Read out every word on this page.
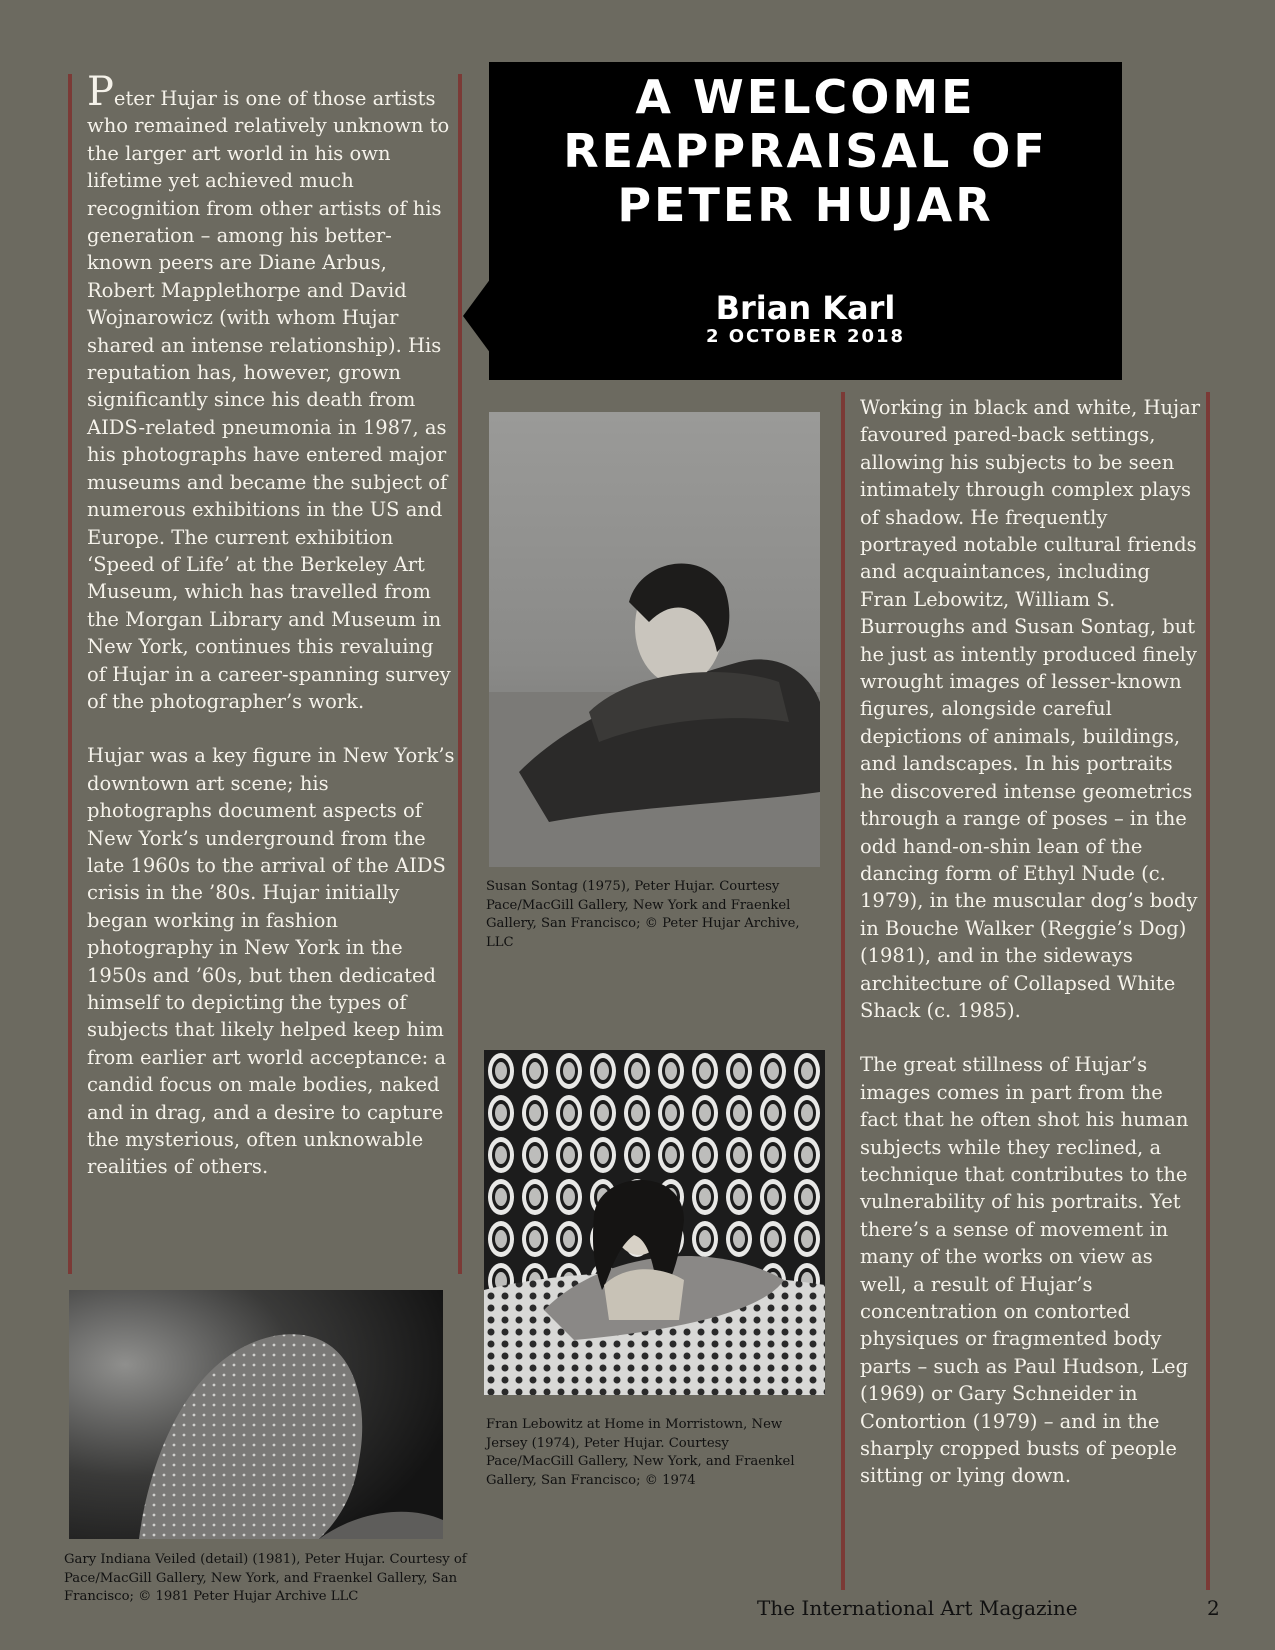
Peter Hujar is one of those artists who remained relatively unknown to the larger art world in his own lifetime yet achieved much recognition from other artists of his generation – among his better-known peers are Diane Arbus, Robert Mapplethorpe and David Wojnarowicz (with whom Hujar shared an intense relationship). His reputation has, however, grown significantly since his death from AIDS-related pneumonia in 1987, as his photographs have entered major museums and became the subject of numerous exhibitions in the US and Europe. The current exhibition ‘Speed of Life’ at the Berkeley Art Museum, which has travelled from the Morgan Library and Museum in New York, continues this revaluing of Hujar in a career-spanning survey of the photographer’s work.

Hujar was a key figure in New York’s downtown art scene; his photographs document aspects of New York’s underground from the late 1960s to the arrival of the AIDS crisis in the ’80s. Hujar initially began working in fashion photography in New York in the 1950s and ’60s, but then dedicated himself to depicting the types of subjects that likely helped keep him from earlier art world acceptance: a candid focus on male bodies, naked and in drag, and a desire to capture the mysterious, often unknowable realities of others.

A WELCOME REAPPRAISAL OF PETER HUJAR
Brian Karl
2 OCTOBER 2018
Susan Sontag (1975), Peter Hujar. Courtesy Pace/MacGill Gallery, New York and Fraenkel Gallery, San Francisco; © Peter Hujar Archive, LLC
Fran Lebowitz at Home in Morristown, New Jersey (1974), Peter Hujar. Courtesy Pace/MacGill Gallery, New York, and Fraenkel Gallery, San Francisco; © 1974
Gary Indiana Veiled (detail) (1981), Peter Hujar. Courtesy of Pace/MacGill Gallery, New York, and Fraenkel Gallery, San Francisco; © 1981 Peter Hujar Archive LLC

Working in black and white, Hujar favoured pared-back settings, allowing his subjects to be seen intimately through complex plays of shadow. He frequently portrayed notable cultural friends and acquaintances, including Fran Lebowitz, William S. Burroughs and Susan Sontag, but he just as intently produced finely wrought images of lesser-known figures, alongside careful depictions of animals, buildings, and landscapes. In his portraits he discovered intense geometrics through a range of poses – in the odd hand-on-shin lean of the dancing form of Ethyl Nude (c. 1979), in the muscular dog’s body in Bouche Walker (Reggie’s Dog) (1981), and in the sideways architecture of Collapsed White Shack (c. 1985).

The great stillness of Hujar’s images comes in part from the fact that he often shot his human subjects while they reclined, a technique that contributes to the vulnerability of his portraits. Yet there’s a sense of movement in many of the works on view as well, a result of Hujar’s concentration on contorted physiques or fragmented body parts – such as Paul Hudson, Leg (1969) or Gary Schneider in Contortion (1979) – and in the sharply cropped busts of people sitting or lying down.

The International Art Magazine	2
